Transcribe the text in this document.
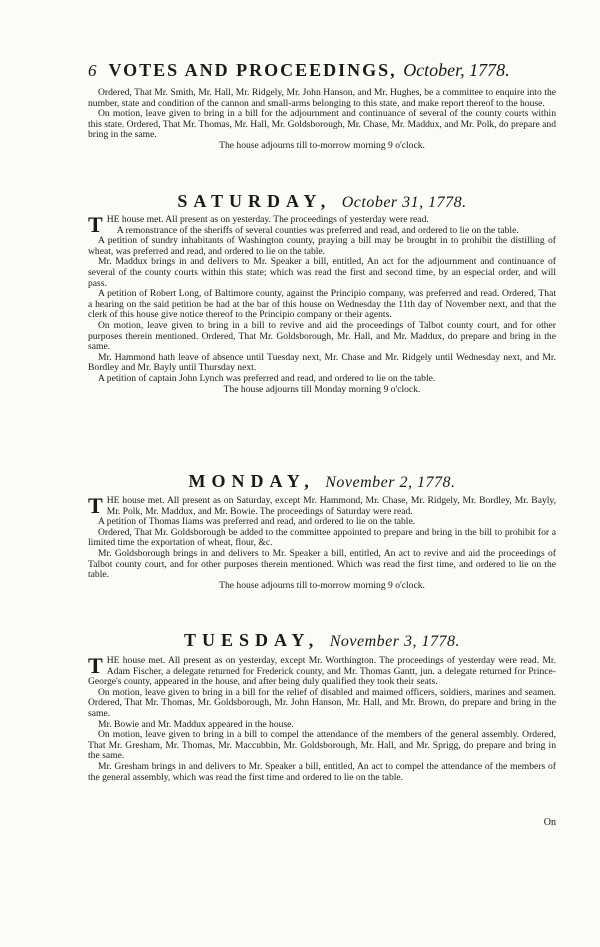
6 VOTES AND PROCEEDINGS, October, 1778.

Ordered, That Mr. Smith, Mr. Hall, Mr. Ridgely, Mr. John Hanson, and Mr. Hughes, be a committee to enquire into the number, state and condition of the cannon and small-arms belonging to this state, and make report thereof to the house.

On motion, leave given to bring in a bill for the adjournment and continuance of several of the county courts within this state. Ordered, That Mr. Thomas, Mr. Hall, Mr. Goldsborough, Mr. Chase, Mr. Maddux, and Mr. Polk, do prepare and bring in the same.

The house adjourns till to-morrow morning 9 o'clock.

SATURDAY, October 31, 1778.

THE house met. All present as on yesterday. The proceedings of yesterday were read.

A remonstrance of the sheriffs of several counties was preferred and read, and ordered to lie on the table.

A petition of sundry inhabitants of Washington county, praying a bill may be brought in to prohibit the distilling of wheat, was preferred and read, and ordered to lie on the table.

Mr. Maddux brings in and delivers to Mr. Speaker a bill, entitled, An act for the adjournment and continuance of several of the county courts within this state; which was read the first and second time, by an especial order, and will pass.

A petition of Robert Long, of Baltimore county, against the Principio company, was preferred and read. Ordered, That a hearing on the said petition be had at the bar of this house on Wednesday the 11th day of November next, and that the clerk of this house give notice thereof to the Principio company or their agents.

On motion, leave given to bring in a bill to revive and aid the proceedings of Talbot county court, and for other purposes therein mentioned. Ordered, That Mr. Goldsborough, Mr. Hall, and Mr. Maddux, do prepare and bring in the same.

Mr. Hammond hath leave of absence until Tuesday next, Mr. Chase and Mr. Ridgely until Wednesday next, and Mr. Bordley and Mr. Bayly until Thursday next.

A petition of captain John Lynch was preferred and read, and ordered to lie on the table.

The house adjourns till Monday morning 9 o'clock.

MONDAY, November 2, 1778.

THE house met. All present as on Saturday, except Mr. Hammond, Mr. Chase, Mr. Ridgely, Mr. Bordley, Mr. Bayly, Mr. Polk, Mr. Maddux, and Mr. Bowie. The proceedings of Saturday were read.

A petition of Thomas Iiams was preferred and read, and ordered to lie on the table.

Ordered, That Mr. Goldsborough be added to the committee appointed to prepare and bring in the bill to prohibit for a limited time the exportation of wheat, flour, &c.

Mr. Goldsborough brings in and delivers to Mr. Speaker a bill, entitled, An act to revive and aid the proceedings of Talbot county court, and for other purposes therein mentioned. Which was read the first time, and ordered to lie on the table.

The house adjourns till to-morrow morning 9 o'clock.

TUESDAY, November 3, 1778.

THE house met. All present as on yesterday, except Mr. Worthington. The proceedings of yesterday were read. Mr. Adam Fischer, a delegate returned for Frederick county, and Mr. Thomas Gantt, jun. a delegate returned for Prince-George's county, appeared in the house, and after being duly qualified they took their seats.

On motion, leave given to bring in a bill for the relief of disabled and maimed officers, soldiers, marines and seamen. Ordered, That Mr. Thomas, Mr. Goldsborough, Mr. John Hanson, Mr. Hall, and Mr. Brown, do prepare and bring in the same.

Mr. Bowie and Mr. Maddux appeared in the house.

On motion, leave given to bring in a bill to compel the attendance of the members of the general assembly. Ordered, That Mr. Gresham, Mr. Thomas, Mr. Maccubbin, Mr. Goldsborough, Mr. Hall, and Mr. Sprigg, do prepare and bring in the same.

Mr. Gresham brings in and delivers to Mr. Speaker a bill, entitled, An act to compel the attendance of the members of the general assembly, which was read the first time and ordered to lie on the table.

On
